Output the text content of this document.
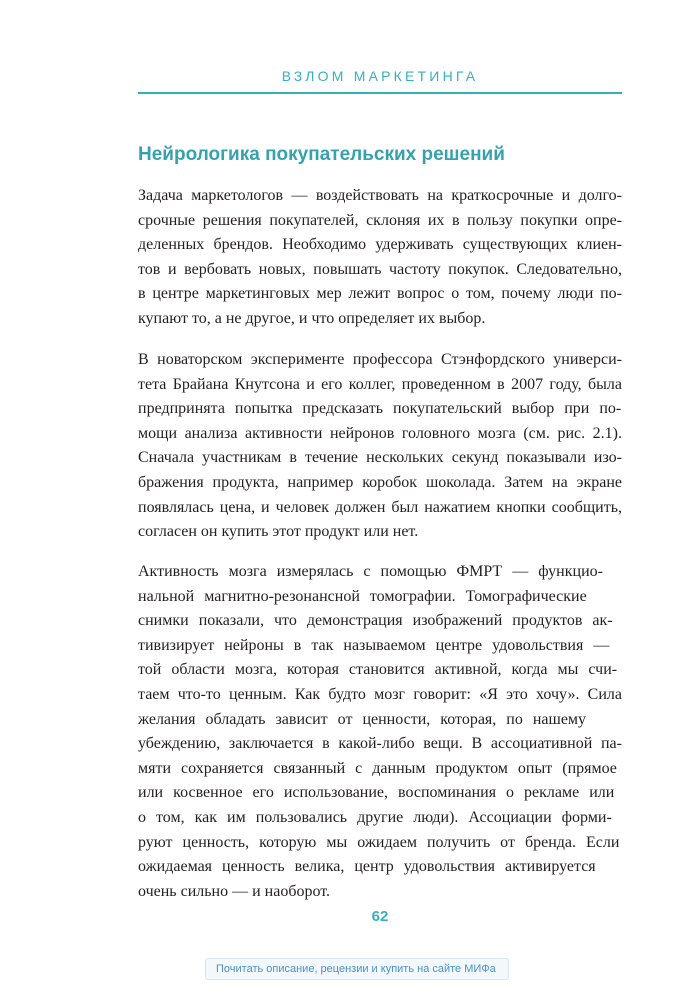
ВЗЛОМ МАРКЕТИНГА
Нейрологика покупательских решений

Задача маркетологов — воздействовать на краткосрочные и долго-
срочные решения покупателей, склоняя их в пользу покупки опре-
деленных брендов. Необходимо удерживать существующих клиен-
тов и вербовать новых, повышать частоту покупок. Следовательно,
в центре маркетинговых мер лежит вопрос о том, почему люди по-
купают то, а не другое, и что определяет их выбор.

В новаторском эксперименте профессора Стэнфордского универси-
тета Брайана Кнутсона и его коллег, проведенном в 2007 году, была
предпринята попытка предсказать покупательский выбор при по-
мощи анализа активности нейронов головного мозга (см. рис. 2.1).
Сначала участникам в течение нескольких секунд показывали изо-
бражения продукта, например коробок шоколада. Затем на экране
появлялась цена, и человек должен был нажатием кнопки сообщить,
согласен он купить этот продукт или нет.

Активность мозга измерялась с помощью ФМРТ — функцио-
нальной магнитно-резонансной томографии. Томографические
снимки показали, что демонстрация изображений продуктов ак-
тивизирует нейроны в так называемом центре удовольствия —
той области мозга, которая становится активной, когда мы счи-
таем что-то ценным. Как будто мозг говорит: «Я это хочу». Сила
желания обладать зависит от ценности, которая, по нашему
убеждению, заключается в какой-либо вещи. В ассоциативной па-
мяти сохраняется связанный с данным продуктом опыт (прямое
или косвенное его использование, воспоминания о рекламе или
о том, как им пользовались другие люди). Ассоциации форми-
руют ценность, которую мы ожидаем получить от бренда. Если
ожидаемая ценность велика, центр удовольствия активируется
очень сильно — и наоборот.

62
Почитать описание, рецензии и купить на сайте МИФа
